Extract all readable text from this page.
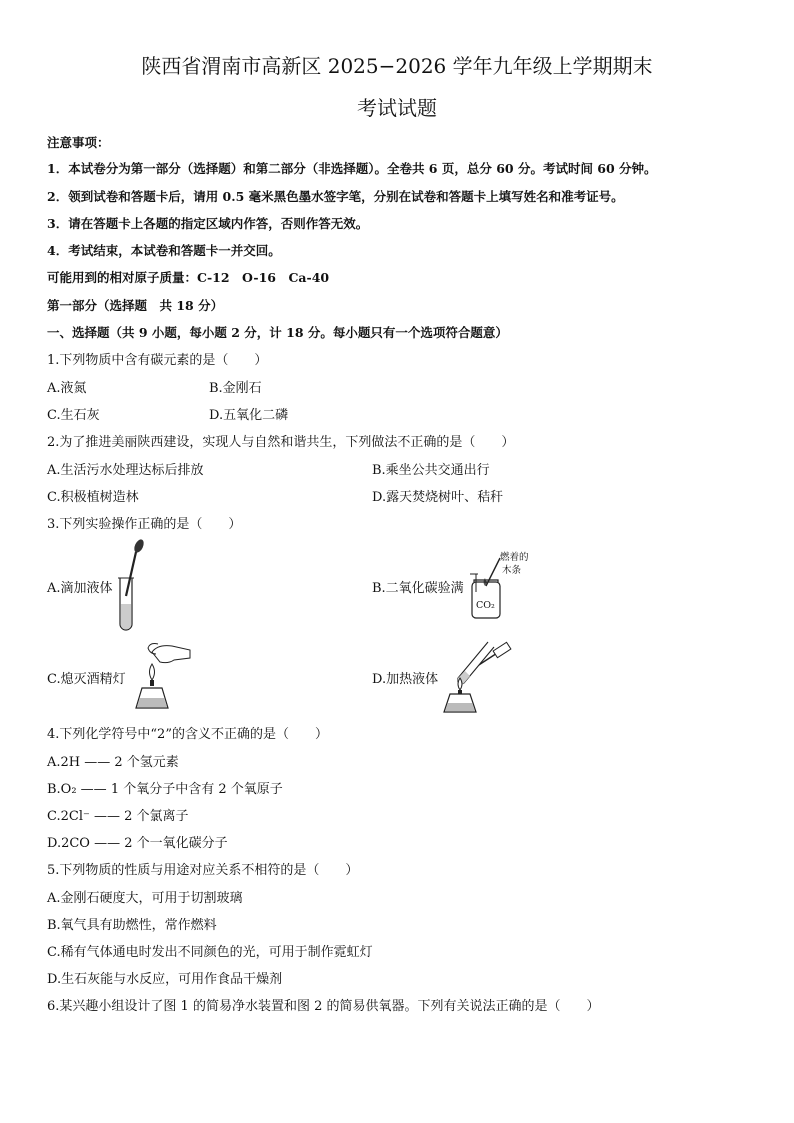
陕西省渭南市高新区 2025−2026 学年九年级上学期期末
考试试题
注意事项：
1．本试卷分为第一部分（选择题）和第二部分（非选择题）。全卷共 6 页，总分 60 分。考试时间 60 分钟。
2．领到试卷和答题卡后，请用 0.5 毫米黑色墨水签字笔，分别在试卷和答题卡上填写姓名和准考证号。
3．请在答题卡上各题的指定区域内作答，否则作答无效。
4．考试结束，本试卷和答题卡一并交回。
可能用到的相对原子质量：C-12　O-16　Ca-40
第一部分（选择题　共 18 分）
一、选择题（共 9 小题，每小题 2 分，计 18 分。每小题只有一个选项符合题意）
1.下列物质中含有碳元素的是（　　）
A.液氮	B.金刚石
C.生石灰	D.五氧化二磷
2.为了推进美丽陕西建设，实现人与自然和谐共生，下列做法不正确的是（　　）
A.生活污水处理达标后排放	B.乘坐公共交通出行
C.积极植树造林	D.露天焚烧树叶、秸秆
3.下列实验操作正确的是（　　）
A.滴加液体	B.二氧化碳验满
燃着的
木条
CO₂
C.熄灭酒精灯	D.加热液体
4.下列化学符号中“2”的含义不正确的是（　　）
A.2H —— 2 个氢元素
B.O₂ —— 1 个氧分子中含有 2 个氧原子
C.2Cl⁻ —— 2 个氯离子
D.2CO —— 2 个一氧化碳分子
5.下列物质的性质与用途对应关系不相符的是（　　）
A.金刚石硬度大，可用于切割玻璃
B.氧气具有助燃性，常作燃料
C.稀有气体通电时发出不同颜色的光，可用于制作霓虹灯
D.生石灰能与水反应，可用作食品干燥剂
6.某兴趣小组设计了图 1 的简易净水装置和图 2 的简易供氧器。下列有关说法正确的是（　　）
